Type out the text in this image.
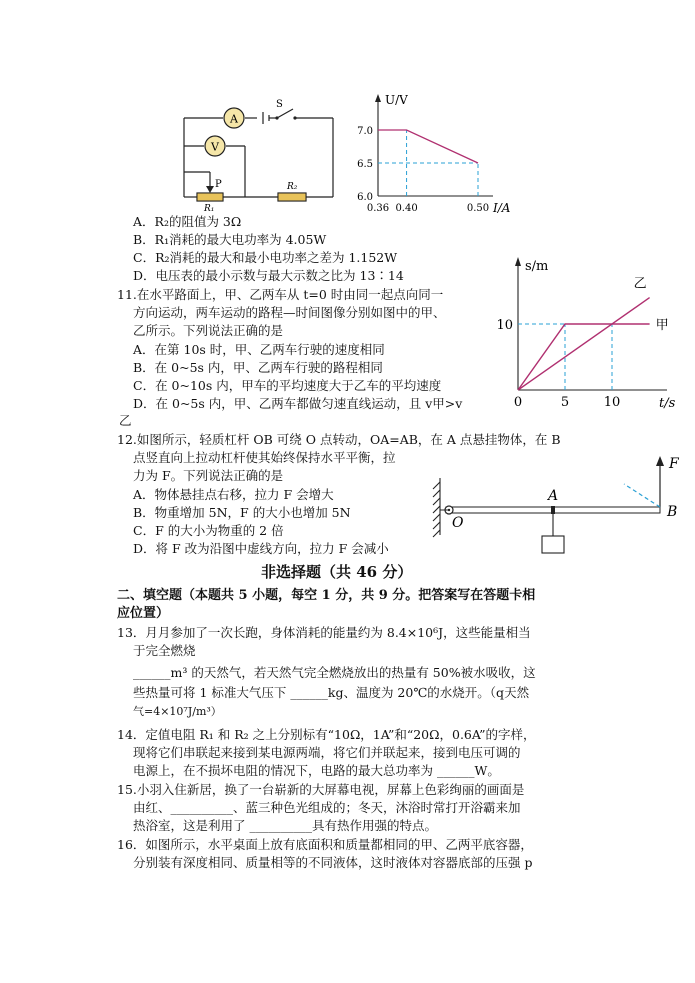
A
V
S
P
R₁
R₂
U/V
I/A
6.0
6.5
7.0
0.36 0.40	0.50
A．R₂的阻值为 3Ω
B．R₁消耗的最大电功率为 4.05W
C．R₂消耗的最大和最小电功率之差为 1.152W
D．电压表的最小示数与最大示数之比为 13∶14
s/m
t/s
10
0	5	10
甲
乙
11.在水平路面上，甲、乙两车从 t=0 时由同一起点向同一
方向运动，两车运动的路程—时间图像分别如图中的甲、
乙所示。下列说法正确的是
A．在第 10s 时，甲、乙两车行驶的速度相同
B．在 0~5s 内，甲、乙两车行驶的路程相同
C．在 0~10s 内，甲车的平均速度大于乙车的平均速度
D．在 0~5s 内，甲、乙两车都做匀速直线运动，且 v甲>v
乙
12.如图所示，轻质杠杆 OB 可绕 O 点转动，OA=AB，在 A 点悬挂物体，在 B
点竖直向上拉动杠杆使其始终保持水平平衡，拉
力为 F。下列说法正确的是
A．物体悬挂点右移，拉力 F 会增大
B．物重增加 5N，F 的大小也增加 5N
C．F 的大小为物重的 2 倍
D．将 F 改为沿图中虚线方向，拉力 F 会减小
F
A
O
B
非选择题（共 46 分）
二、填空题（本题共 5 小题，每空 1 分，共 9 分。把答案写在答题卡相
应位置）
13．月月参加了一次长跑，身体消耗的能量约为 8.4×10⁶J，这些能量相当
于完全燃烧
______m³ 的天然气，若天然气完全燃烧放出的热量有 50%被水吸收，这
些热量可将 1 标准大气压下 ______kg、温度为 20℃的水烧开。（q天然
气=4×10⁷J/m³）
14．定值电阻 R₁ 和 R₂ 之上分别标有“10Ω，1A”和“20Ω，0.6A”的字样，
现将它们串联起来接到某电源两端，将它们并联起来，接到电压可调的
电源上，在不损坏电阻的情况下，电路的最大总功率为 ______W。
15.小羽入住新居，换了一台崭新的大屏幕电视，屏幕上色彩绚丽的画面是
由红、__________、蓝三种色光组成的；冬天，沐浴时常打开浴霸来加
热浴室，这是利用了 __________具有热作用强的特点。
16．如图所示，水平桌面上放有底面积和质量都相同的甲、乙两平底容器，
分别装有深度相同、质量相等的不同液体，这时液体对容器底部的压强 p
